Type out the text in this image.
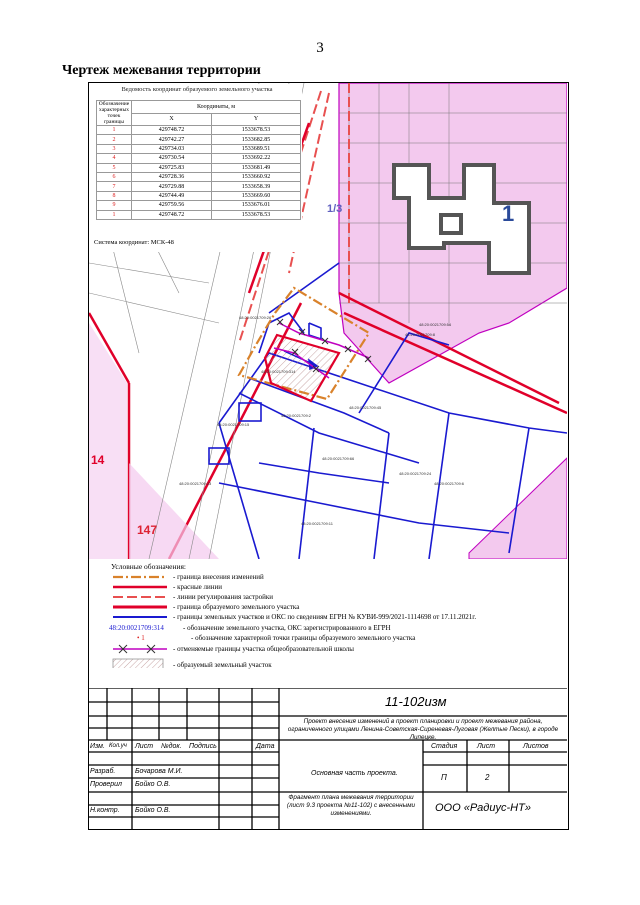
3
Чертеж межевания территории
1
1/3
14
147
48:20:0021709:314
48:20:0021709:15
48:20:0021709:2
48:20:0021709:66
48:20:0021709:56
48:20:0021709:24
48:20:0021709:6
48:20:0021709:26
48:20:0021709:45
48:20:0021709:8
48:20:0021709:11
48:20:0021709:23
Ведомость координат образуемого земельного участка
Обозначение характерных точек границы	Координаты, м	
	X	Y
1	429748.72	1533678.53
2	429742.27	1533682.85
3	429734.03	1533689.51
4	429730.54	1533692.22
5	429725.83	1533681.49
6	429728.36	1533660.92
7	429729.88	1533658.39
8	429744.49	1533669.60
9	429759.56	1533676.01
1	429748.72	1533678.53
Система координат: МСК-48
Условные обозначения:
- граница внесения изменений
- красные линии
- линии регулирования застройки
- граница образуемого земельного участка
- границы земельных участков и ОКС по сведениям ЕГРН № КУВИ-999/2021-1114698 от 17.11.2021г.
48:20:0021709:314	- обозначение земельного участка, ОКС зарегистрированного в ЕГРН
• 1	- обозначение характерной точки границы образуемого земельного участка
- отменяемые границы участка общеобразовательной школы
- образуемый земельный участок
11-102изм
Проект внесения изменений в проект планировки и проект межевания района, ограниченного улицами Ленина-Советская-Сиреневая-Луговая (Желтые Пески), в городе Липецке.
Изм. Кол.уч Лист №док. Подпись	Дата
Разраб.	Бочарова М.И.
Проверил Бойко О.В.
Н.контр. Бойко О.В.
Основная часть проекта.
Стадия	Лист	Листов
П	2
Фрагмент плана межевания территории (лист 9.3 проекта №11-102) с внесенными изменениями.	ООО «Радиус-НТ»
